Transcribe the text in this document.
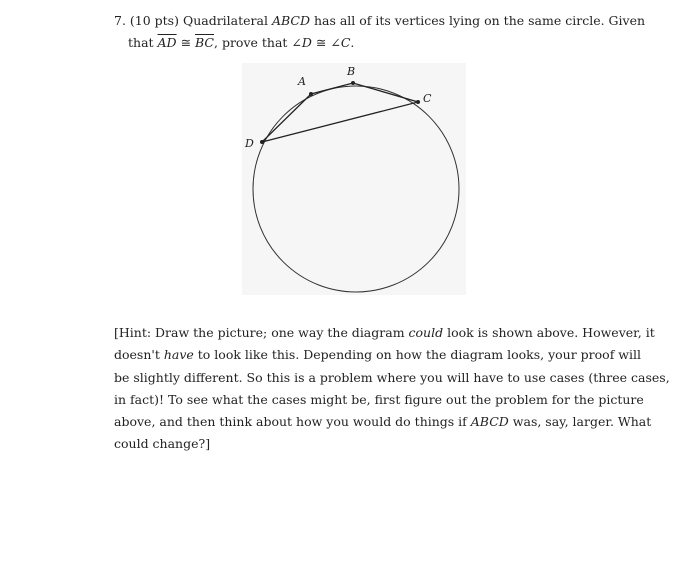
7. (10 pts) Quadrilateral ABCD has all of its vertices lying on the same circle. Given
that $\overline{AD}$ ≅ $\overline{BC}$, prove that ∠D ≅ ∠C.
A
B
C
D
[Hint: Draw the picture; one way the diagram could look is shown above. However, it
doesn't have to look like this. Depending on how the diagram looks, your proof will
be slightly different. So this is a problem where you will have to use cases (three cases,
in fact)! To see what the cases might be, first figure out the problem for the picture
above, and then think about how you would do things if ABCD was, say, larger. What
could change?]
